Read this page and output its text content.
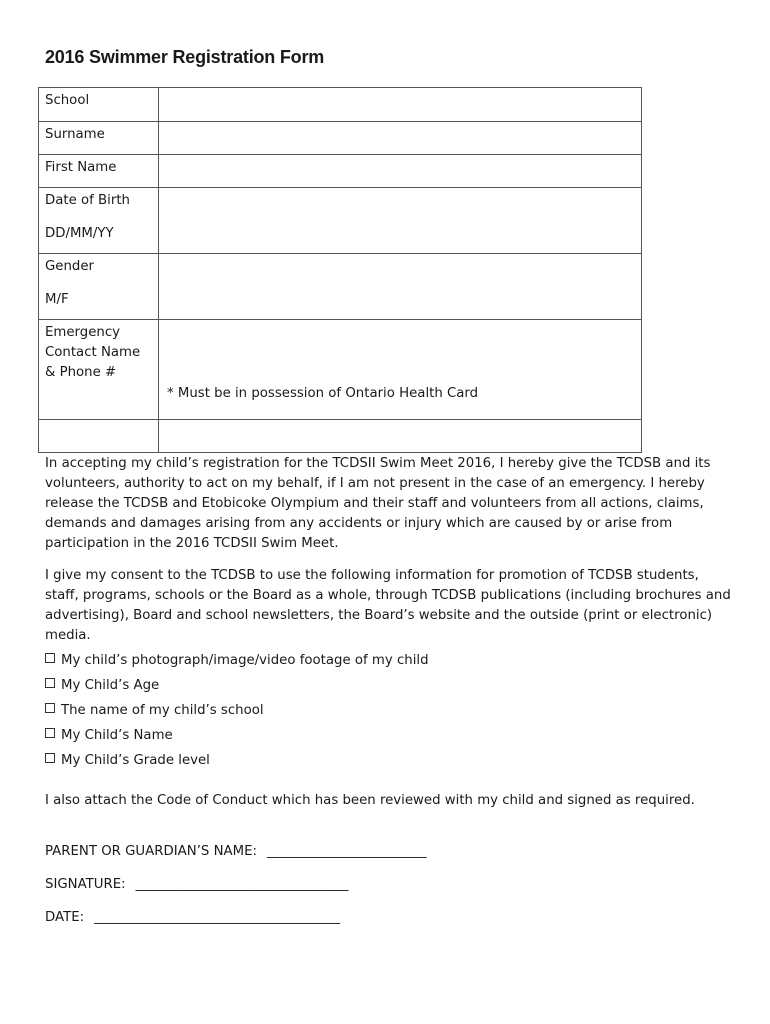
2016 Swimmer Registration Form
School	

Surname	

First Name	

Date of Birth
DD/MM/YY	

Gender
M/F	

Emergency Contact Name & Phone #	* Must be in possession of Ontario Health Card

In accepting my child’s registration for the TCDSII Swim Meet 2016, I hereby give the TCDSB and its volunteers, authority to act on my behalf, if I am not present in the case of an emergency. I hereby release the TCDSB and Etobicoke Olympium and their staff and volunteers from all actions, claims, demands and damages arising from any accidents or injury which are caused by or arise from participation in the 2016 TCDSII Swim Meet.
I give my consent to the TCDSB to use the following information for promotion of TCDSB students, staff, programs, schools or the Board as a whole, through TCDSB publications (including brochures and advertising), Board and school newsletters, the Board’s website and the outside (print or electronic) media.
My child’s photograph/image/video footage of my child
My Child’s Age
The name of my child’s school
My Child’s Name
My Child’s Grade level
I also attach the Code of Conduct which has been reviewed with my child and signed as required.
PARENT OR GUARDIAN’S NAME: ________________________
SIGNATURE: ________________________________
DATE: _____________________________________
